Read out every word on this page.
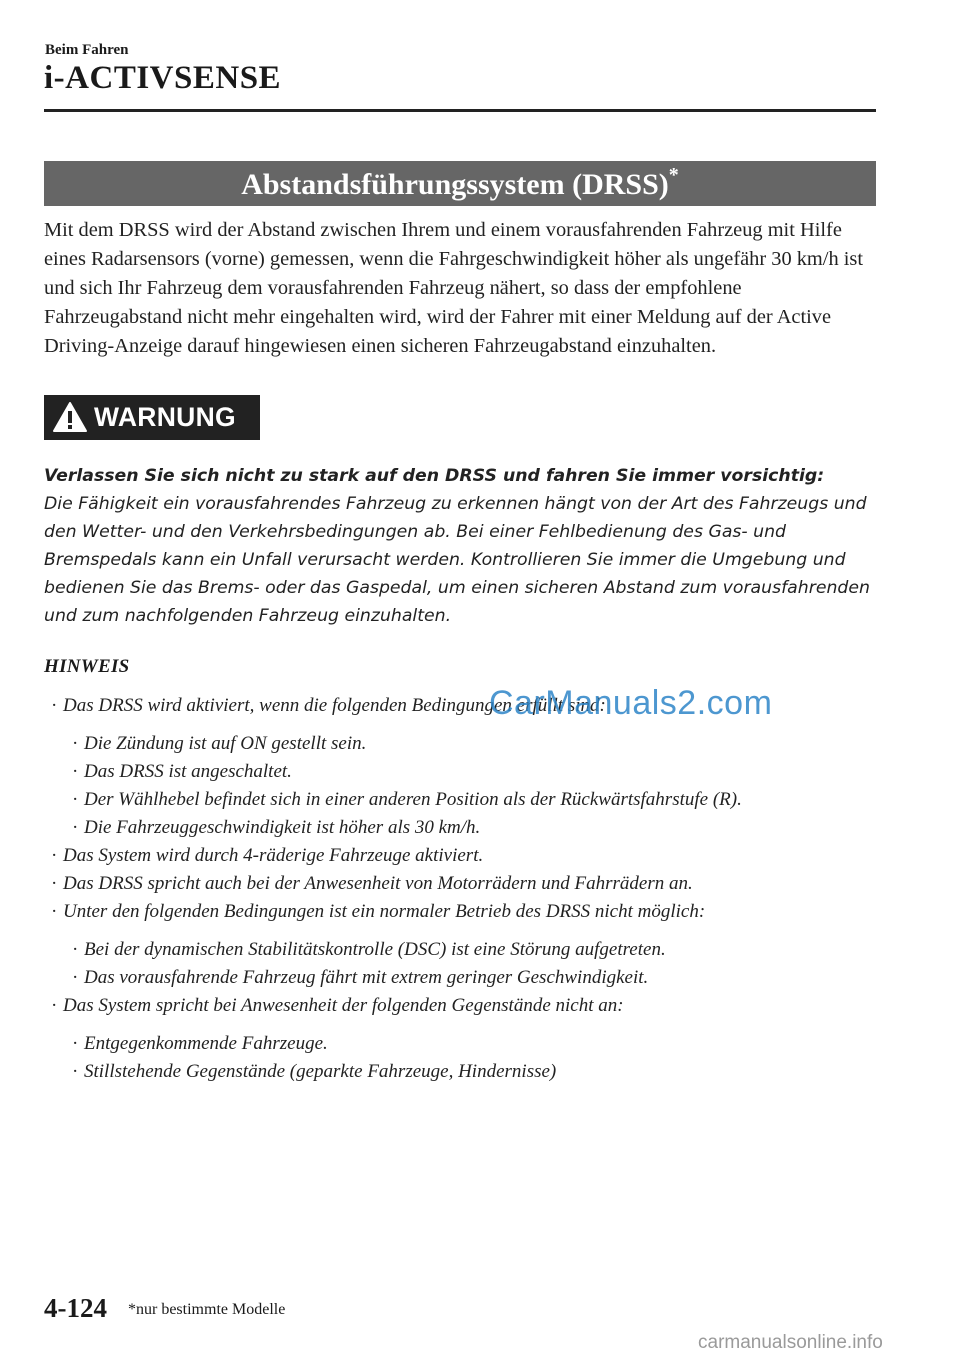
Beim Fahren
i-ACTIVSENSE
Abstandsführungssystem (DRSS)*
Mit dem DRSS wird der Abstand zwischen Ihrem und einem vorausfahrenden Fahrzeug mit Hilfe eines Radarsensors (vorne) gemessen, wenn die Fahrgeschwindigkeit höher als ungefähr 30 km/h ist und sich Ihr Fahrzeug dem vorausfahrenden Fahrzeug nähert, so dass der empfohlene Fahrzeugabstand nicht mehr eingehalten wird, wird der Fahrer mit einer Meldung auf der Active Driving-Anzeige darauf hingewiesen einen sicheren Fahrzeugabstand einzuhalten.
WARNUNG
Verlassen Sie sich nicht zu stark auf den DRSS und fahren Sie immer vorsichtig:
Die Fähigkeit ein vorausfahrendes Fahrzeug zu erkennen hängt von der Art des Fahrzeugs und den Wetter- und den Verkehrsbedingungen ab. Bei einer Fehlbedienung des Gas- und Bremspedals kann ein Unfall verursacht werden. Kontrollieren Sie immer die Umgebung und bedienen Sie das Brems- oder das Gaspedal, um einen sicheren Abstand zum vorausfahrenden und zum nachfolgenden Fahrzeug einzuhalten.
HINWEIS
· Das DRSS wird aktiviert, wenn die folgenden Bedingungen erfüllt sind:
· Die Zündung ist auf ON gestellt sein.
· Das DRSS ist angeschaltet.
· Der Wählhebel befindet sich in einer anderen Position als der Rückwärtsfahrstufe (R).
· Die Fahrzeuggeschwindigkeit ist höher als 30 km/h.
· Das System wird durch 4-räderige Fahrzeuge aktiviert.
· Das DRSS spricht auch bei der Anwesenheit von Motorrädern und Fahrrädern an.
· Unter den folgenden Bedingungen ist ein normaler Betrieb des DRSS nicht möglich:
· Bei der dynamischen Stabilitätskontrolle (DSC) ist eine Störung aufgetreten.
· Das vorausfahrende Fahrzeug fährt mit extrem geringer Geschwindigkeit.
· Das System spricht bei Anwesenheit der folgenden Gegenstände nicht an:
· Entgegenkommende Fahrzeuge.
· Stillstehende Gegenstände (geparkte Fahrzeuge, Hindernisse)
CarManuals2.com
4-124 *nur bestimmte Modelle
carmanualsonline.info
